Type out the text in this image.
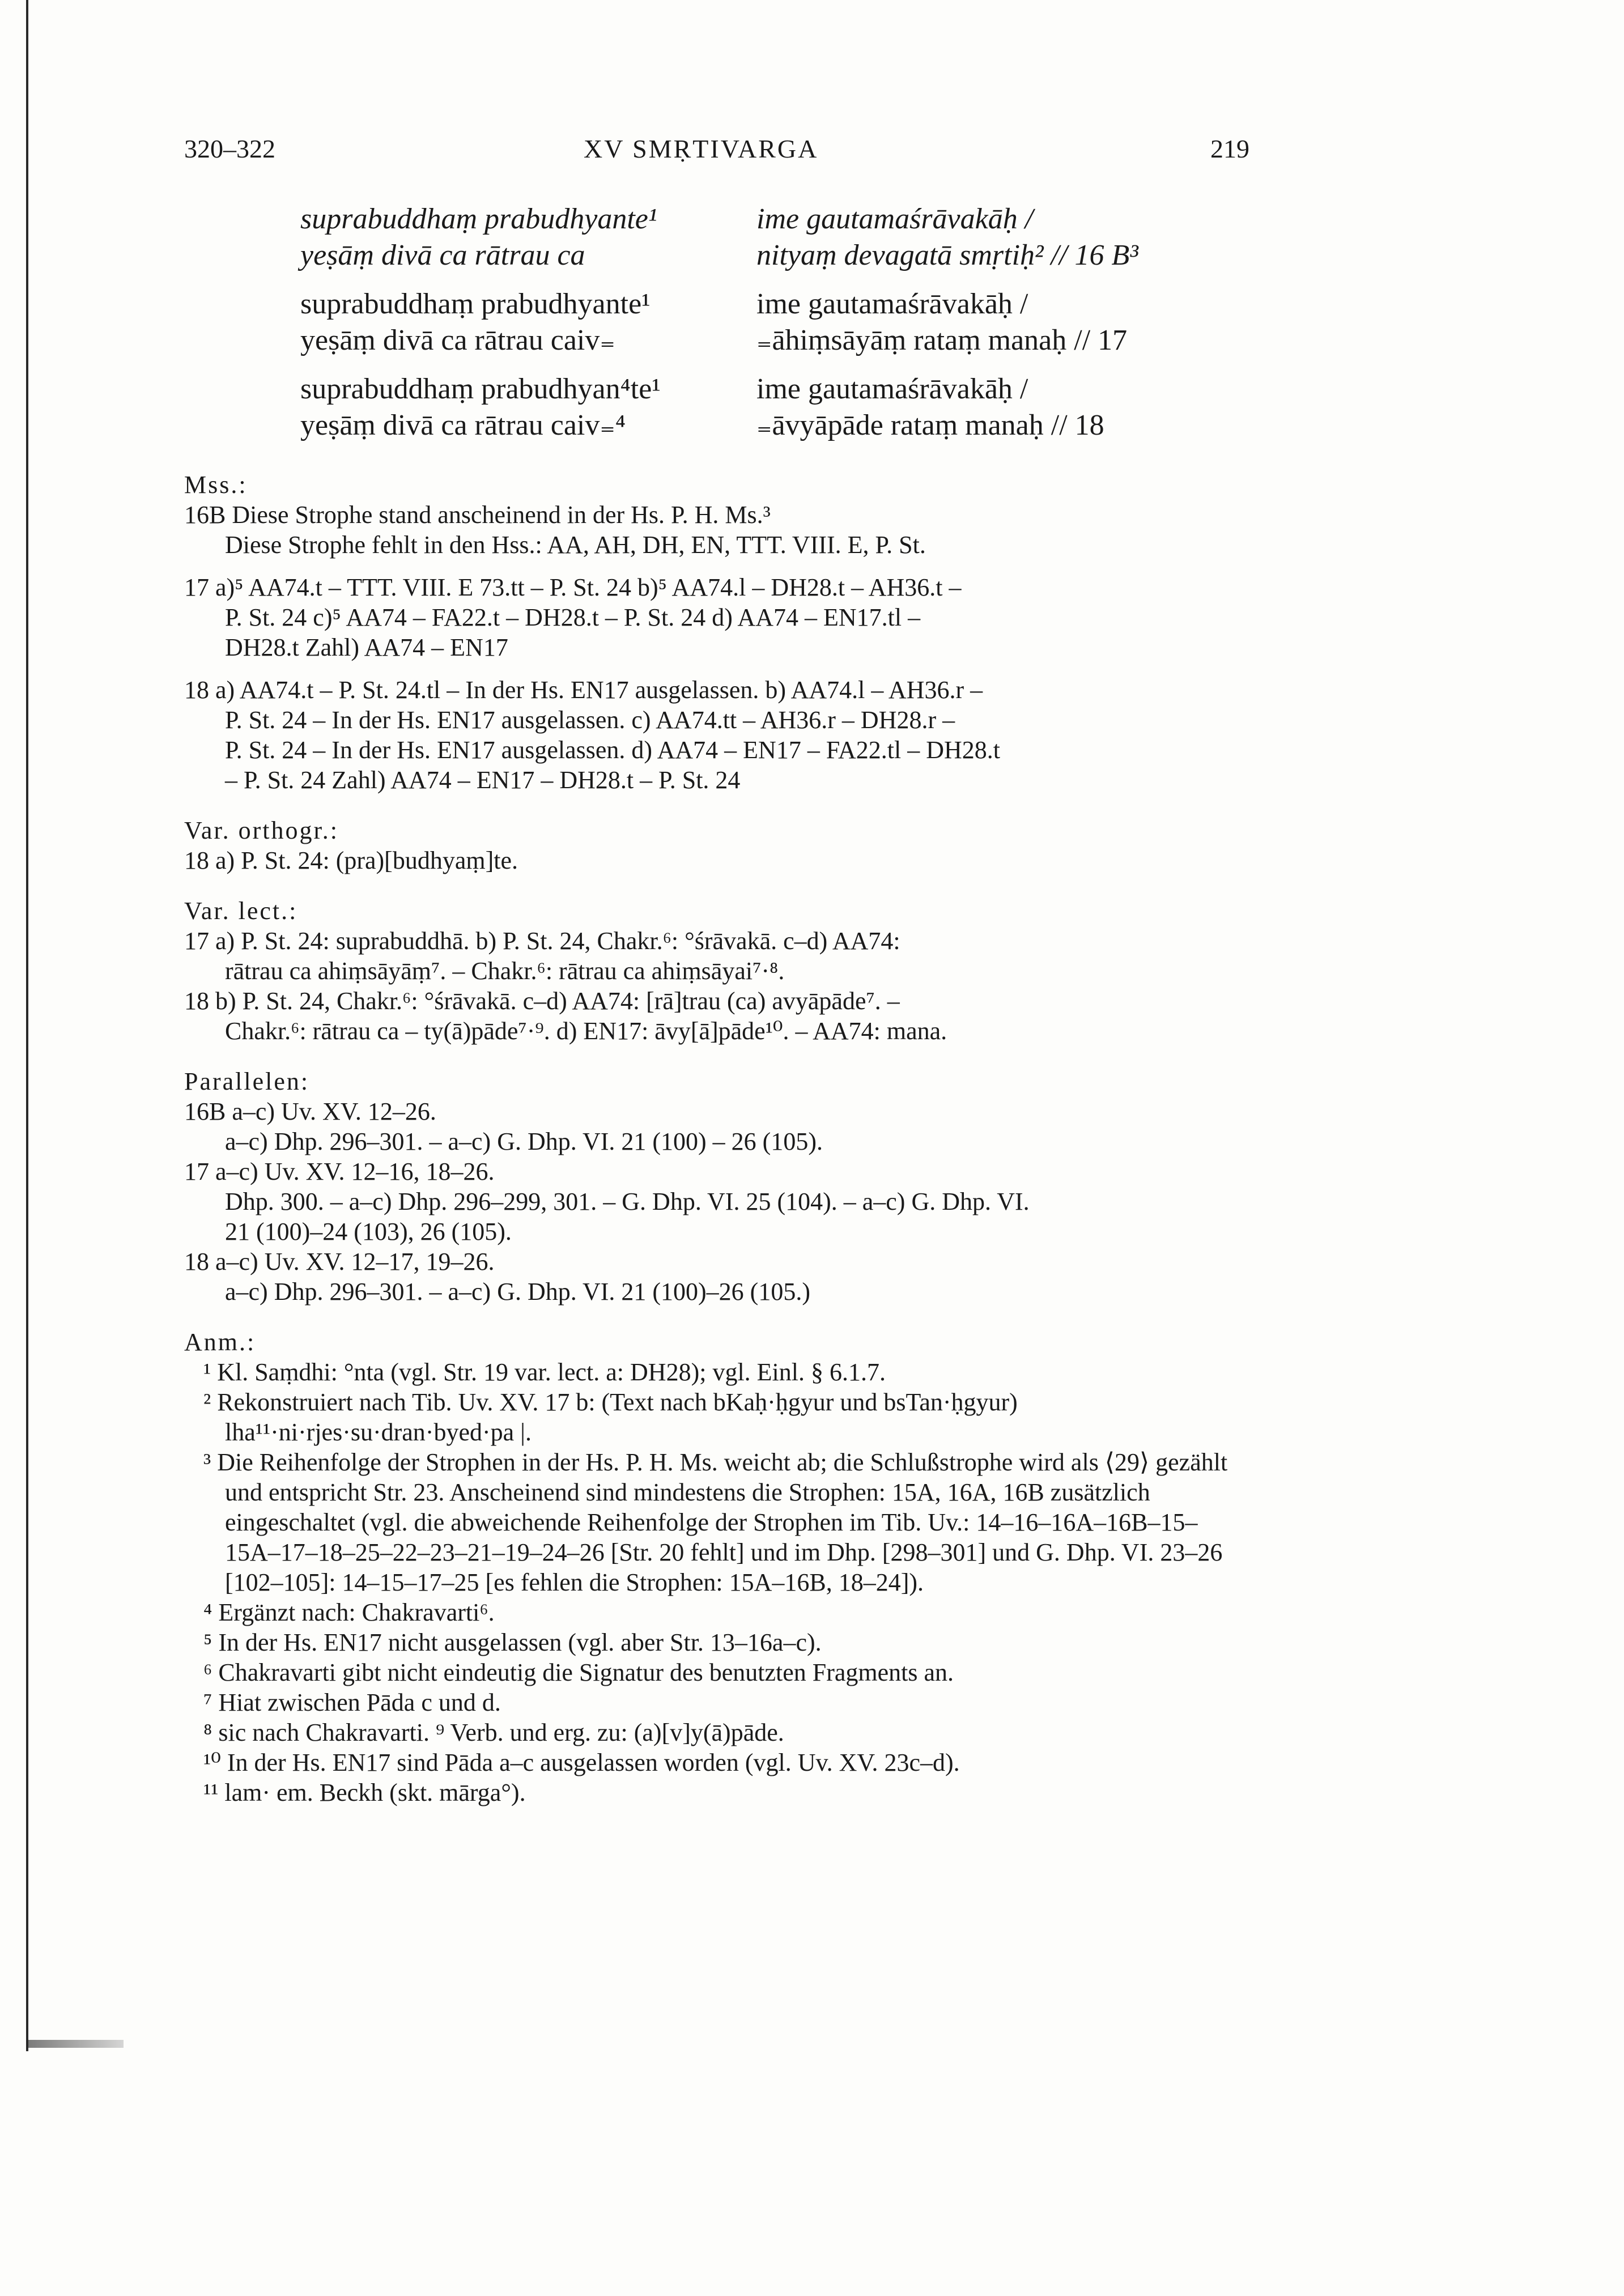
320–322	XV SMṚTIVARGA	219
suprabuddhaṃ prabudhyante¹	ime gautamaśrāvakāḥ /
yeṣāṃ divā ca rātrau ca	nityaṃ devagatā smṛtiḥ² // 16 B³
suprabuddhaṃ prabudhyante¹	ime gautamaśrāvakāḥ /
yeṣāṃ divā ca rātrau caiv₌	₌āhiṃsāyāṃ rataṃ manaḥ // 17
suprabuddhaṃ prabudhyan⁴te¹	ime gautamaśrāvakāḥ /
yeṣāṃ divā ca rātrau caiv₌⁴	₌āvyāpāde rataṃ manaḥ // 18
Mss.:

16B Diese Strophe stand anscheinend in der Hs. P. H. Ms.³

Diese Strophe fehlt in den Hss.: AA, AH, DH, EN, TTT. VIII. E, P. St.

17 a)⁵ AA74.t – TTT. VIII. E 73.tt – P. St. 24 b)⁵ AA74.l – DH28.t – AH36.t –

P. St. 24 c)⁵ AA74 – FA22.t – DH28.t – P. St. 24 d) AA74 – EN17.tl –

DH28.t Zahl) AA74 – EN17

18 a) AA74.t – P. St. 24.tl – In der Hs. EN17 ausgelassen. b) AA74.l – AH36.r –

P. St. 24 – In der Hs. EN17 ausgelassen. c) AA74.tt – AH36.r – DH28.r –

P. St. 24 – In der Hs. EN17 ausgelassen. d) AA74 – EN17 – FA22.tl – DH28.t

– P. St. 24 Zahl) AA74 – EN17 – DH28.t – P. St. 24

Var. orthogr.:

18 a) P. St. 24: (pra)[budhyaṃ]te.

Var. lect.:

17 a) P. St. 24: suprabuddhā. b) P. St. 24, Chakr.⁶: °śrāvakā. c–d) AA74:

rātrau ca ahiṃsāyāṃ⁷. – Chakr.⁶: rātrau ca ahiṃsāyai⁷·⁸.

18 b) P. St. 24, Chakr.⁶: °śrāvakā. c–d) AA74: [rā]trau (ca) avyāpāde⁷. –

Chakr.⁶: rātrau ca – ty(ā)pāde⁷·⁹. d) EN17: āvy[ā]pāde¹⁰. – AA74: mana.

Parallelen:

16B a–c) Uv. XV. 12–26.

a–c) Dhp. 296–301. – a–c) G. Dhp. VI. 21 (100) – 26 (105).

17 a–c) Uv. XV. 12–16, 18–26.

Dhp. 300. – a–c) Dhp. 296–299, 301. – G. Dhp. VI. 25 (104). – a–c) G. Dhp. VI.

21 (100)–24 (103), 26 (105).

18 a–c) Uv. XV. 12–17, 19–26.

a–c) Dhp. 296–301. – a–c) G. Dhp. VI. 21 (100)–26 (105.)

Anm.:

¹ Kl. Saṃdhi: °nta (vgl. Str. 19 var. lect. a: DH28); vgl. Einl. § 6.1.7.

² Rekonstruiert nach Tib. Uv. XV. 17 b: (Text nach bKaḥ·ḥgyur und bsTan·ḥgyur) lha¹¹·ni·rjes·su·dran·byed·pa |.

³ Die Reihenfolge der Strophen in der Hs. P. H. Ms. weicht ab; die Schlußstrophe wird als ⟨29⟩ gezählt und entspricht Str. 23. Anscheinend sind mindestens die Strophen: 15A, 16A, 16B zusätzlich eingeschaltet (vgl. die abweichende Reihenfolge der Strophen im Tib. Uv.: 14–16–16A–16B–15–15A–17–18–25–22–23–21–19–24–26 [Str. 20 fehlt] und im Dhp. [298–301] und G. Dhp. VI. 23–26 [102–105]: 14–15–17–25 [es fehlen die Strophen: 15A–16B, 18–24]).

⁴ Ergänzt nach: Chakravarti⁶.

⁵ In der Hs. EN17 nicht ausgelassen (vgl. aber Str. 13–16a–c).

⁶ Chakravarti gibt nicht eindeutig die Signatur des benutzten Fragments an.

⁷ Hiat zwischen Pāda c und d.

⁸ sic nach Chakravarti. ⁹ Verb. und erg. zu: (a)[v]y(ā)pāde.

¹⁰ In der Hs. EN17 sind Pāda a–c ausgelassen worden (vgl. Uv. XV. 23c–d).

¹¹ lam· em. Beckh (skt. mārga°).
